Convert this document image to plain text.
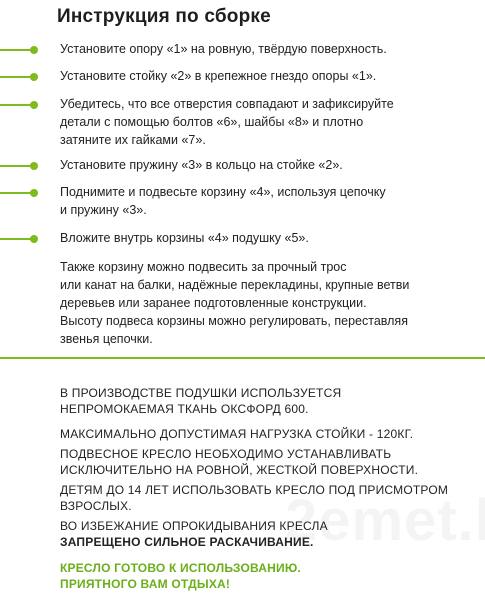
Инструкция по сборке
Установите опору «1» на ровную, твёрдую поверхность.
Установите стойку «2» в крепежное гнездо опоры «1».
Убедитесь, что все отверстия совпадают и зафиксируйте
детали с помощью болтов «6», шайбы «8» и плотно
затяните их гайками «7».
Установите пружину «3» в кольцо на стойке «2».
Поднимите и подвесьте корзину «4», используя цепочку
и пружину «3».
Вложите внутрь корзины «4» подушку «5».
Также корзину можно подвесить за прочный трос
или канат на балки, надёжные перекладины, крупные ветви
деревьев или заранее подготовленные конструкции.
Высоту подвеса корзины можно регулировать, переставляя
звенья цепочки.
В ПРОИЗВОДСТВЕ ПОДУШКИ ИСПОЛЬЗУЕТСЯ
НЕПРОМОКАЕМАЯ ТКАНЬ ОКСФОРД 600.
МАКСИМАЛЬНО ДОПУСТИМАЯ НАГРУЗКА СТОЙКИ - 120КГ.
ПОДВЕСНОЕ КРЕСЛО НЕОБХОДИМО УСТАНАВЛИВАТЬ
ИСКЛЮЧИТЕЛЬНО НА РОВНОЙ, ЖЕСТКОЙ ПОВЕРХНОСТИ.
ДЕТЯМ ДО 14 ЛЕТ ИСПОЛЬЗОВАТЬ КРЕСЛО ПОД ПРИСМОТРОМ
ВЗРОСЛЫХ.
ВО ИЗБЕЖАНИЕ ОПРОКИДЫВАНИЯ КРЕСЛА
ЗАПРЕЩЕНО СИЛЬНОЕ РАСКАЧИВАНИЕ.
КРЕСЛО ГОТОВО К ИСПОЛЬЗОВАНИЮ.
ПРИЯТНОГО ВАМ ОТДЫХА!
